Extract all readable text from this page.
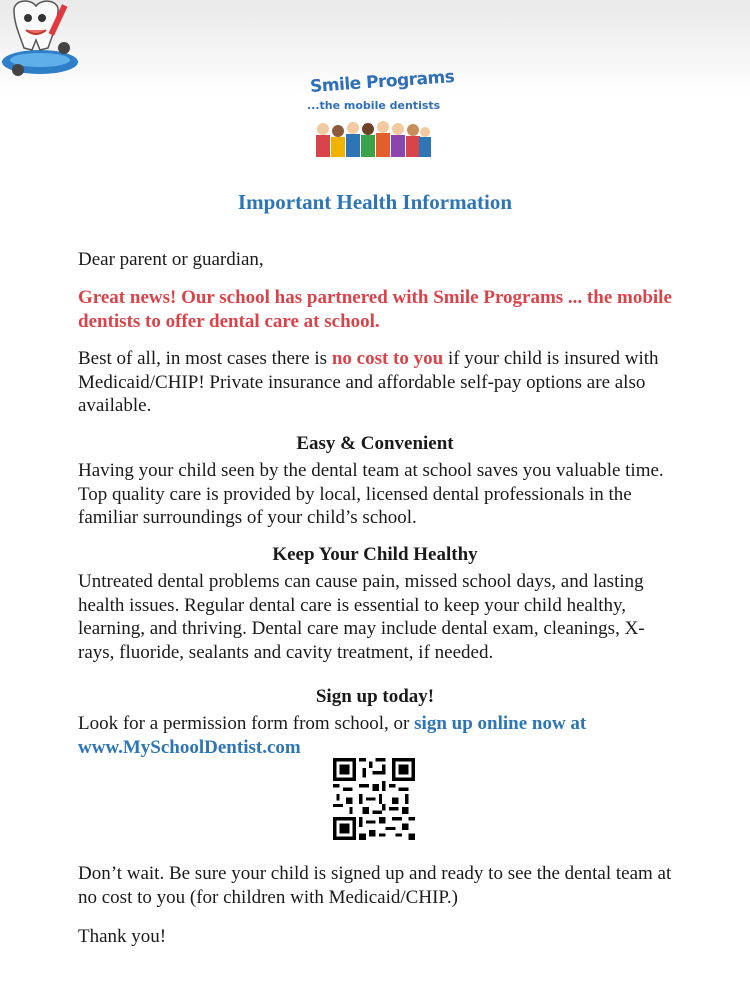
Smile Programs
...the mobile dentists
Important Health Information

Dear parent or guardian,

Great news! Our school has partnered with Smile Programs ... the mobile dentists to offer dental care at school.

Best of all, in most cases there is no cost to you if your child is insured with Medicaid/CHIP! Private insurance and affordable self-pay options are also available.

Easy & Convenient

Having your child seen by the dental team at school saves you valuable time. Top quality care is provided by local, licensed dental professionals in the familiar surroundings of your child’s school.

Keep Your Child Healthy

Untreated dental problems can cause pain, missed school days, and lasting health issues. Regular dental care is essential to keep your child healthy, learning, and thriving. Dental care may include dental exam, cleanings, X-rays, fluoride, sealants and cavity treatment, if needed.

Sign up today!

Look for a permission form from school, or sign up online now at www.MySchoolDentist.com

Don’t wait. Be sure your child is signed up and ready to see the dental team at no cost to you (for children with Medicaid/CHIP.)

Thank you!
